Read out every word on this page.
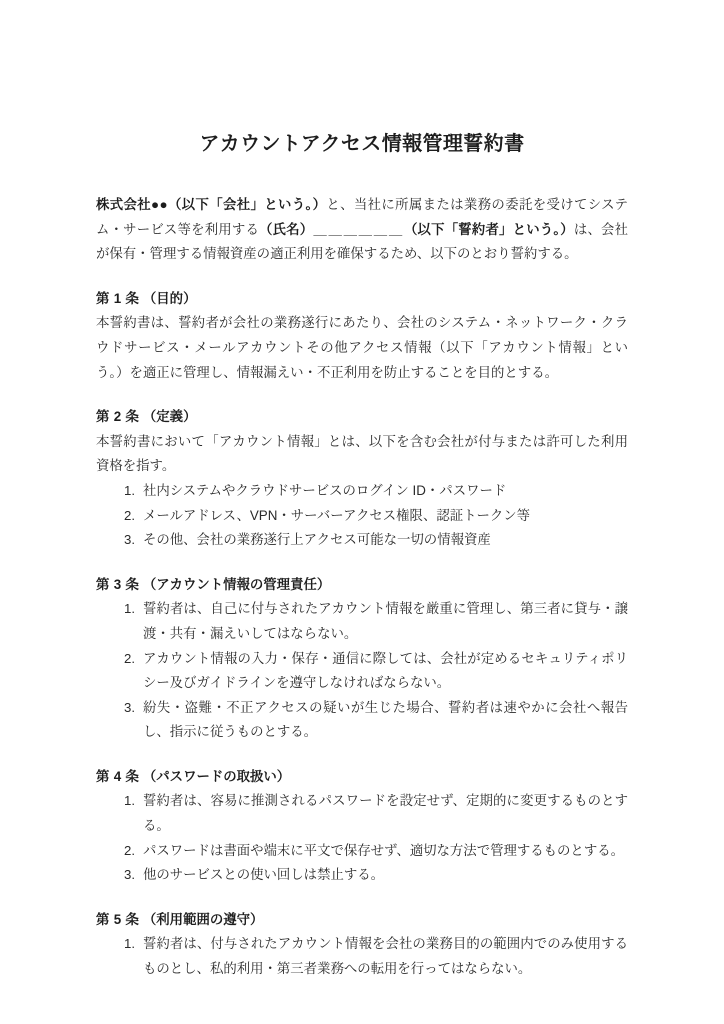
アカウントアクセス情報管理誓約書

株式会社●●（以下「会社」という。）と、当社に所属または業務の委託を受けてシステム・サービス等を利用する（氏名）＿＿＿＿＿＿（以下「誓約者」という。）は、会社が保有・管理する情報資産の適正利用を確保するため、以下のとおり誓約する。

第 1 条 （目的）

本誓約書は、誓約者が会社の業務遂行にあたり、会社のシステム・ネットワーク・クラウドサービス・メールアカウントその他アクセス情報（以下「アカウント情報」という。）を適正に管理し、情報漏えい・不正利用を防止することを目的とする。

第 2 条 （定義）

本誓約書において「アカウント情報」とは、以下を含む会社が付与または許可した利用資格を指す。

社内システムやクラウドサービスのログイン ID・パスワード
メールアドレス、VPN・サーバーアクセス権限、認証トークン等
その他、会社の業務遂行上アクセス可能な一切の情報資産

第 3 条 （アカウント情報の管理責任）

誓約者は、自己に付与されたアカウント情報を厳重に管理し、第三者に貸与・譲渡・共有・漏えいしてはならない。
アカウント情報の入力・保存・通信に際しては、会社が定めるセキュリティポリシー及びガイドラインを遵守しなければならない。
紛失・盗難・不正アクセスの疑いが生じた場合、誓約者は速やかに会社へ報告し、指示に従うものとする。

第 4 条 （パスワードの取扱い）

誓約者は、容易に推測されるパスワードを設定せず、定期的に変更するものとする。
パスワードは書面や端末に平文で保存せず、適切な方法で管理するものとする。
他のサービスとの使い回しは禁止する。

第 5 条 （利用範囲の遵守）

誓約者は、付与されたアカウント情報を会社の業務目的の範囲内でのみ使用するものとし、私的利用・第三者業務への転用を行ってはならない。
